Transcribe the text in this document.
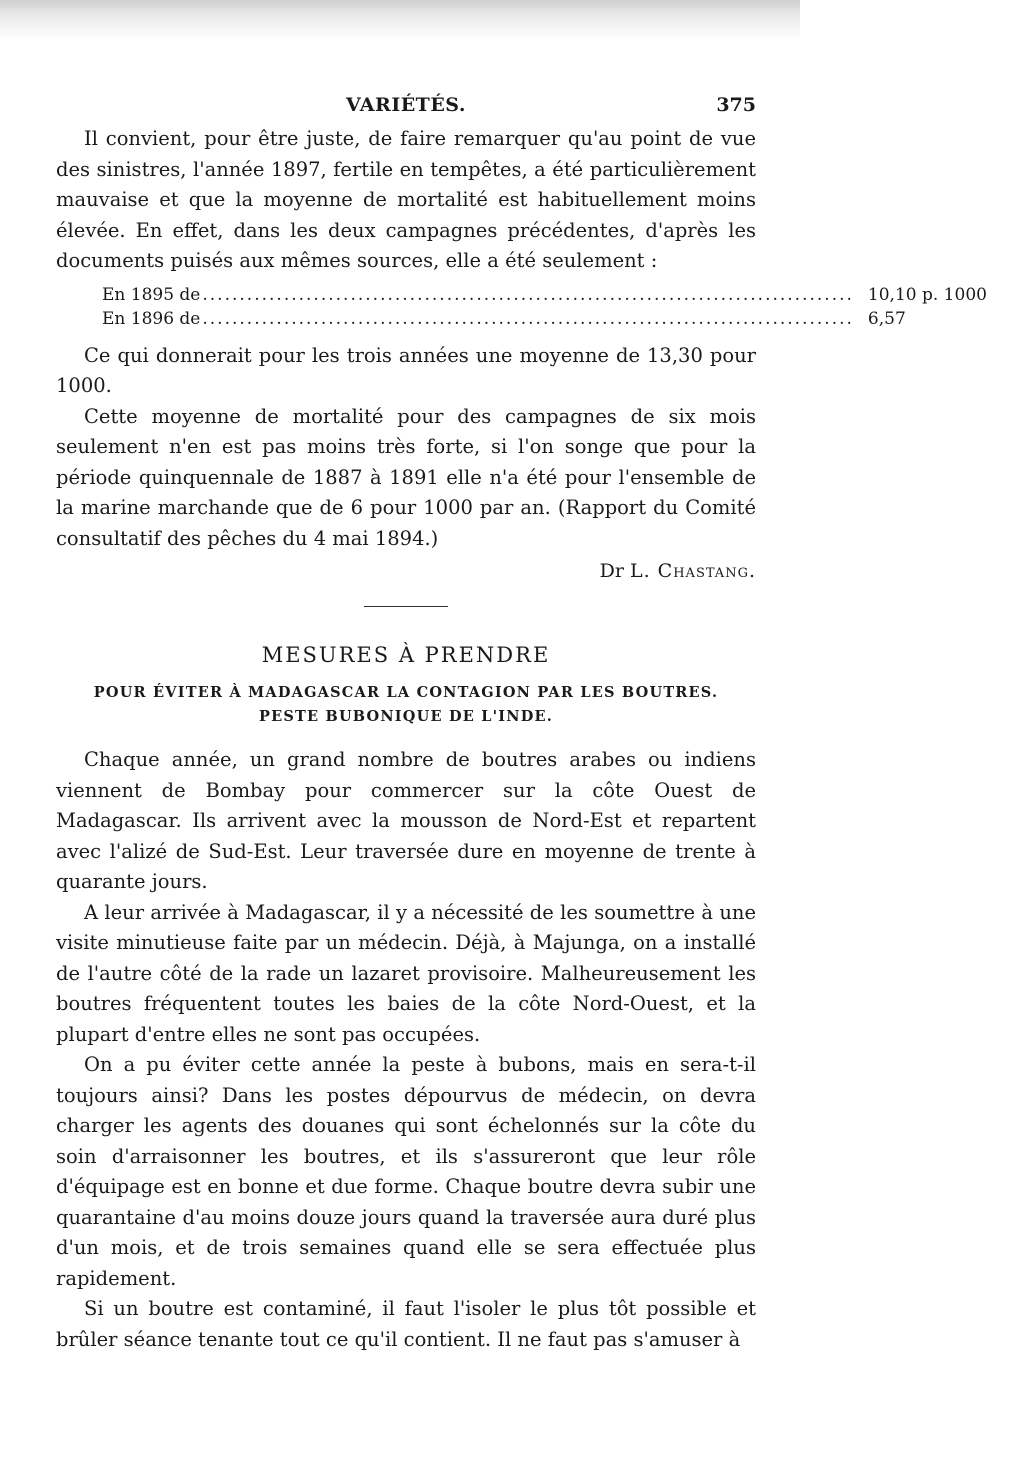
VARIÉTÉS.	375

Il convient, pour être juste, de faire remarquer qu'au point de vue des sinistres, l'année 1897, fertile en tempêtes, a été particulièrement mauvaise et que la moyenne de mortalité est habituellement moins élevée. En effet, dans les deux campagnes précédentes, d'après les documents puisés aux mêmes sources, elle a été seulement :

En 1895 de ........................................................................................ 10,10 p. 1000
En 1896 de ........................................................................................ 6,57

Ce qui donnerait pour les trois années une moyenne de 13,30 pour 1000.

Cette moyenne de mortalité pour des campagnes de six mois seulement n'en est pas moins très forte, si l'on songe que pour la période quinquennale de 1887 à 1891 elle n'a été pour l'ensemble de la marine marchande que de 6 pour 1000 par an. (Rapport du Comité consultatif des pêches du 4 mai 1894.)

Dr L. Chastang.
MESURES À PRENDRE
POUR ÉVITER À MADAGASCAR LA CONTAGION PAR LES BOUTRES.
PESTE BUBONIQUE DE L'INDE.

Chaque année, un grand nombre de boutres arabes ou indiens viennent de Bombay pour commercer sur la côte Ouest de Madagascar. Ils arrivent avec la mousson de Nord-Est et repartent avec l'alizé de Sud-Est. Leur traversée dure en moyenne de trente à quarante jours.

A leur arrivée à Madagascar, il y a nécessité de les soumettre à une visite minutieuse faite par un médecin. Déjà, à Majunga, on a installé de l'autre côté de la rade un lazaret provisoire. Malheureusement les boutres fréquentent toutes les baies de la côte Nord-Ouest, et la plupart d'entre elles ne sont pas occupées.

On a pu éviter cette année la peste à bubons, mais en sera-t-il toujours ainsi? Dans les postes dépourvus de médecin, on devra charger les agents des douanes qui sont échelonnés sur la côte du soin d'arraisonner les boutres, et ils s'assureront que leur rôle d'équipage est en bonne et due forme. Chaque boutre devra subir une quarantaine d'au moins douze jours quand la traversée aura duré plus d'un mois, et de trois semaines quand elle se sera effectuée plus rapidement.

Si un boutre est contaminé, il faut l'isoler le plus tôt possible et brûler séance tenante tout ce qu'il contient. Il ne faut pas s'amuser à
